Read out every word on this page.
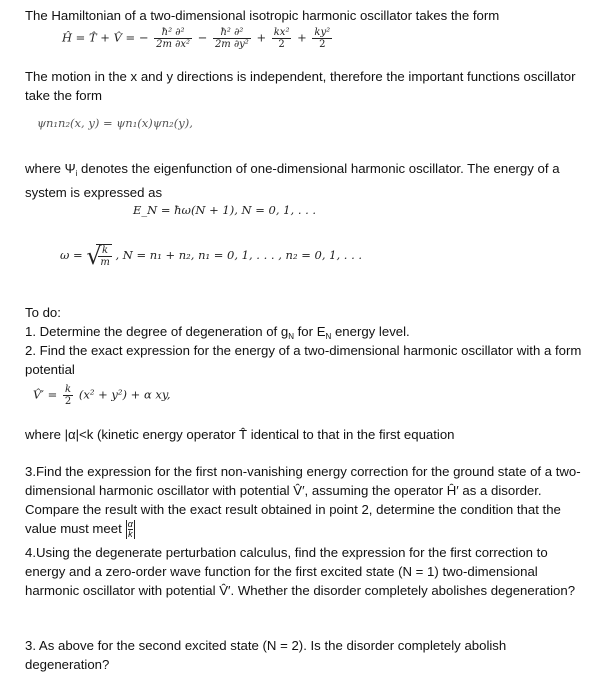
The Hamiltonian of a two-dimensional isotropic harmonic oscillator takes the form
Ĥ = T̂ + V̂ = − $\frac{\text{ħ² ∂²}}{\text{2m ∂x²}} - \frac{\text{ħ² ∂²}}{\text{2m ∂y²}} + \frac{\text{kx²}}{2} + \frac{\text{ky²}}{2}$
The motion in the x and y directions is independent, therefore the important functions oscillator take the form
ψn₁n₂(x, y) = ψn₁(x)ψn₂(y),
where $\Psi_i$ denotes the eigenfunction of one-dimensional harmonic oscillator. The energy of a system is expressed as
E_N = ħω(N + 1), N = 0, 1, . . .
ω = √
$\frac{k}{m}$ , N = n₁ + n₂, n₁ = 0, 1, . . . , n₂ = 0, 1, . . .
To do:
1. Determine the degree of degeneration of $g_N$ for $E_N$ energy level.
2. Find the exact expression for the energy of a two-dimensional harmonic oscillator with a form potential
V̂′ = $\frac{k}{2} (x^2 + y^2) + \alpha$ xy,
where |α|<k (kinetic energy operator T̂ identical to that in the first equation
3.Find the expression for the first non-vanishing energy correction for the ground state of a two-dimensional harmonic oscillator with potential V̂′, assuming the operator Ĥ′ as a disorder. Compare the result with the exact result obtained in point 2, determine the condition that the value must meet $\frac{\alpha}{k}$
4.Using the degenerate perturbation calculus, find the expression for the first correction to energy and a zero-order wave function for the first excited state (N = 1) two-dimensional harmonic oscillator with potential V̂′. Whether the disorder completely abolishes degeneration?
3. As above for the second excited state (N = 2). Is the disorder completely abolish degeneration?
